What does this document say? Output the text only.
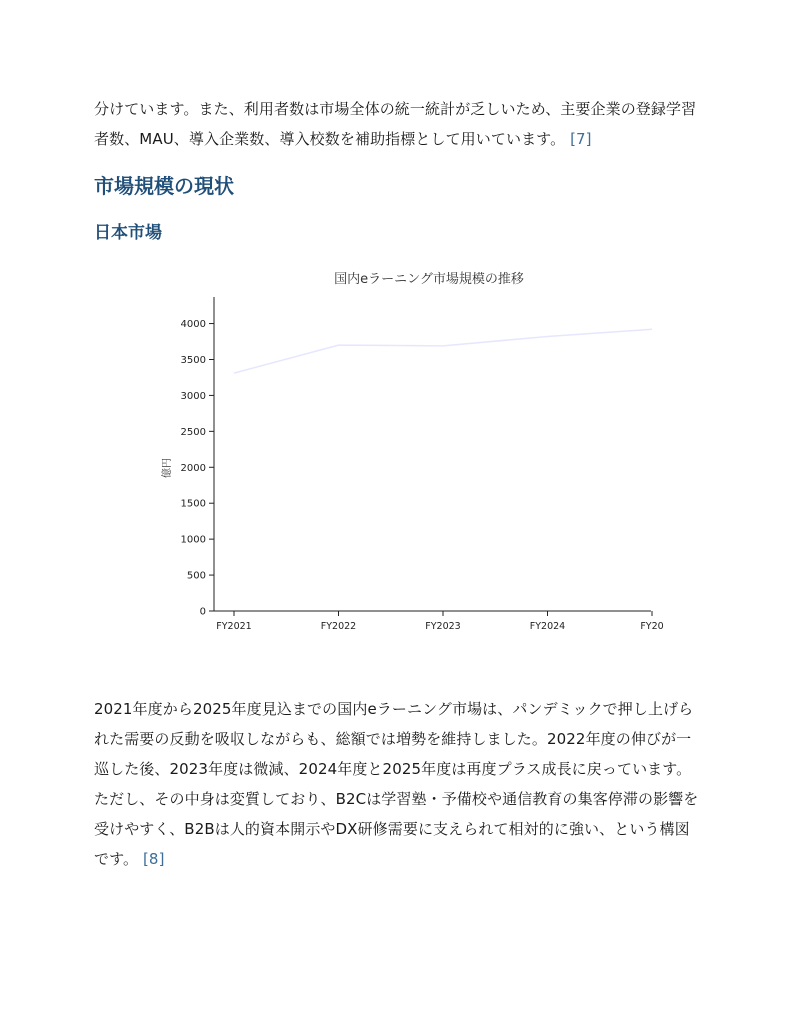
分けています。また、利用者数は市場全体の統一統計が乏しいため、主要企業の登録学習者数、MAU、導入企業数、導入校数を補助指標として用いています。 [7]

市場規模の現状
日本市場
国内eラーニング市場規模の推移
億円
0
500
1000
1500
2000
2500
3000
3500
4000
FY2021	FY2022	FY2023	FY2024	FY20

2021年度から2025年度見込までの国内eラーニング市場は、パンデミックで押し上げられた需要の反動を吸収しながらも、総額では増勢を維持しました。2022年度の伸びが一巡した後、2023年度は微減、2024年度と2025年度は再度プラス成長に戻っています。ただし、その中身は変質しており、B2Cは学習塾・予備校や通信教育の集客停滞の影響を受けやすく、B2Bは人的資本開示やDX研修需要に支えられて相対的に強い、という構図です。 [8]
